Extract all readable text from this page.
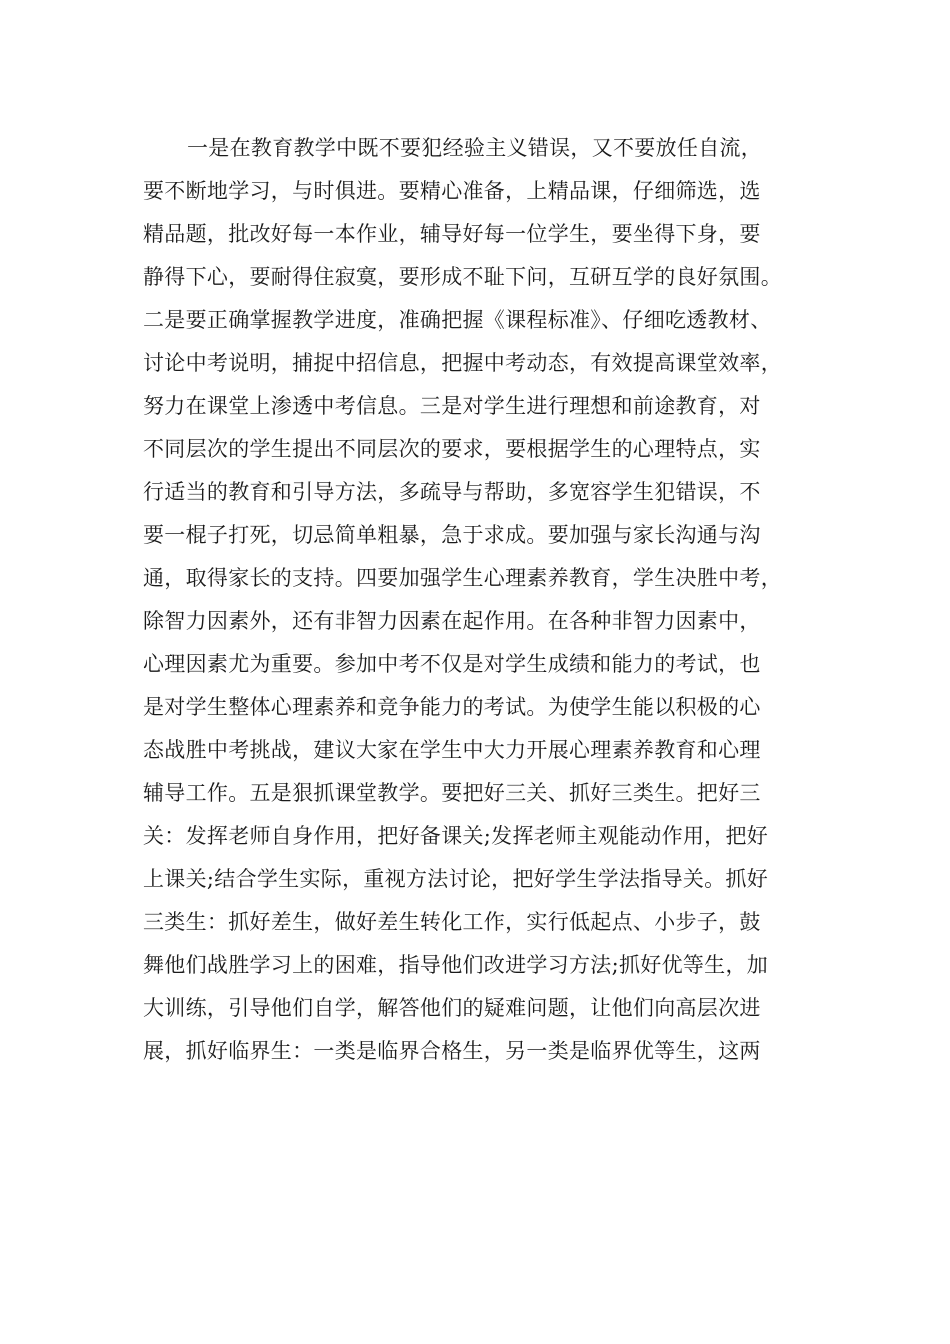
一是在教育教学中既不要犯经验主义错误，又不要放任自流，
要不断地学习，与时俱进。要精心准备，上精品课，仔细筛选，选
精品题，批改好每一本作业，辅导好每一位学生，要坐得下身，要
静得下心，要耐得住寂寞，要形成不耻下问，互研互学的良好氛围。
二是要正确掌握教学进度，准确把握《课程标准》、仔细吃透教材、
讨论中考说明，捕捉中招信息，把握中考动态，有效提高课堂效率，
努力在课堂上渗透中考信息。三是对学生进行理想和前途教育，对
不同层次的学生提出不同层次的要求，要根据学生的心理特点，实
行适当的教育和引导方法，多疏导与帮助，多宽容学生犯错误，不
要一棍子打死，切忌简单粗暴，急于求成。要加强与家长沟通与沟
通，取得家长的支持。四要加强学生心理素养教育，学生决胜中考，
除智力因素外，还有非智力因素在起作用。在各种非智力因素中，
心理因素尤为重要。参加中考不仅是对学生成绩和能力的考试，也
是对学生整体心理素养和竞争能力的考试。为使学生能以积极的心
态战胜中考挑战，建议大家在学生中大力开展心理素养教育和心理
辅导工作。五是狠抓课堂教学。要把好三关、抓好三类生。把好三
关：发挥老师自身作用，把好备课关;发挥老师主观能动作用，把好
上课关;结合学生实际，重视方法讨论，把好学生学法指导关。抓好
三类生：抓好差生，做好差生转化工作，实行低起点、小步子，鼓
舞他们战胜学习上的困难，指导他们改进学习方法;抓好优等生，加
大训练，引导他们自学，解答他们的疑难问题，让他们向高层次进
展，抓好临界生：一类是临界合格生，另一类是临界优等生，这两
